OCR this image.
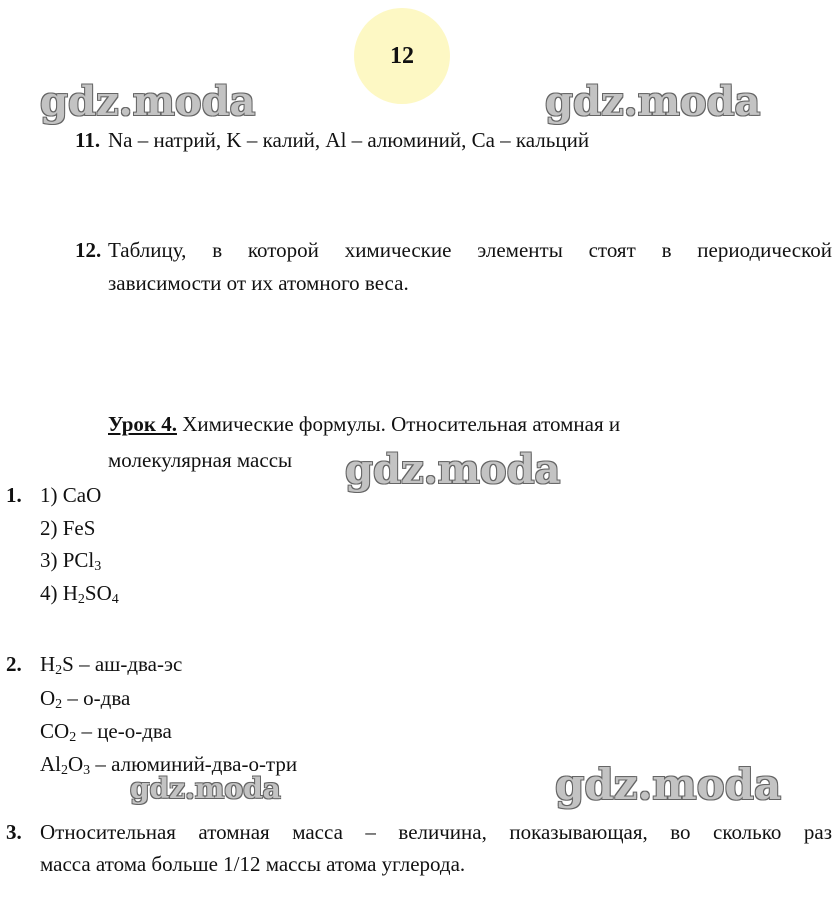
12
11. Na – натрий, K – калий, Al – алюминий, Ca – кальций
12. Таблицу, в которой химические элементы стоят в периодической
зависимости от их атомного веса.
Урок 4. Химические формулы. Относительная атомная и
молекулярная массы
1. 1) CaO
2) FeS
3) PCl$_3$
4) $H_2SO_4$
2. $H_2S - аш-два-эс$
$O_2 - о-два$
$CO_2 - це-о-два$
$Al_2O_3$ – алюминий-два-о-три
3. Относительная атомная масса – величина, показывающая, во сколько раз
масса атома больше 1/12 массы атома углерода.
gdz.moda	gdz.moda
gdz.moda
gdz.moda
gdz.moda
